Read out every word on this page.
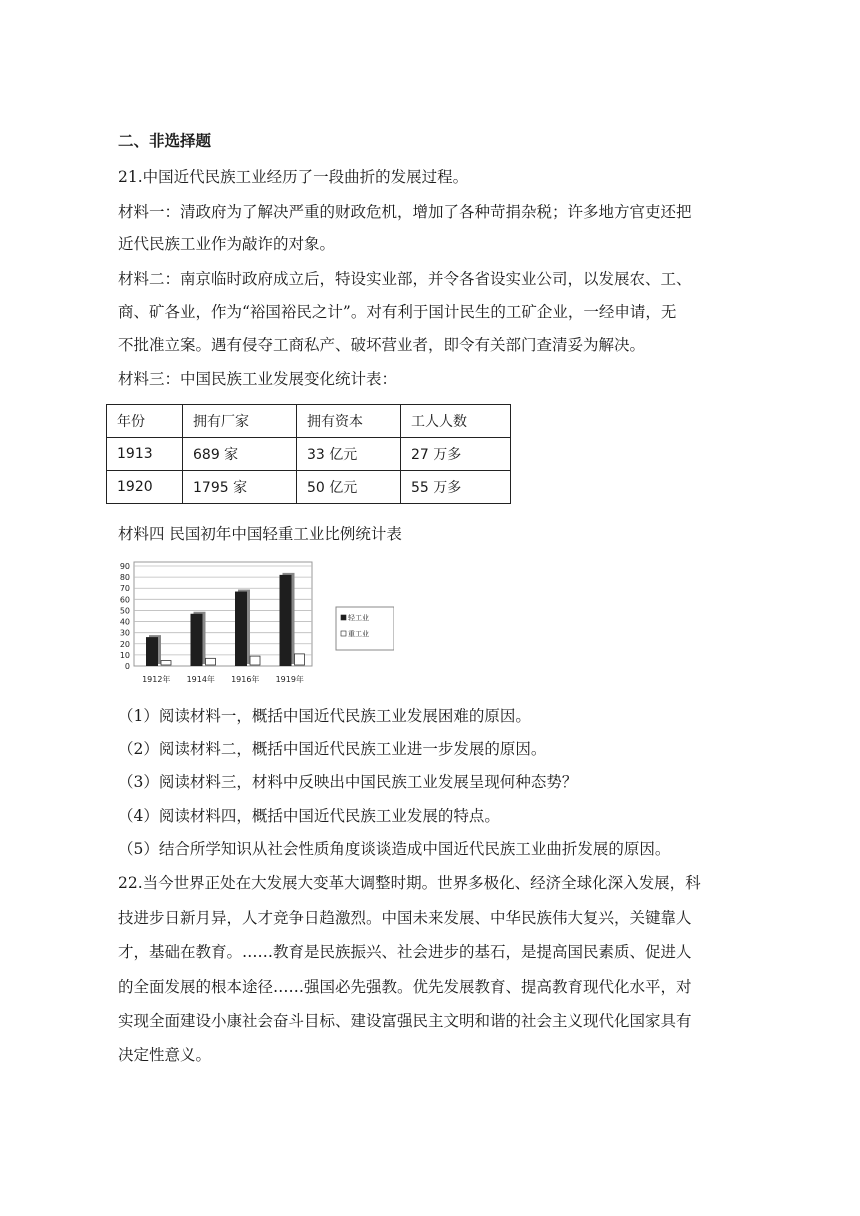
二、非选择题
21.中国近代民族工业经历了一段曲折的发展过程。
材料一：清政府为了解决严重的财政危机，增加了各种苛捐杂税；许多地方官吏还把
近代民族工业作为敲诈的对象。
材料二：南京临时政府成立后，特设实业部，并令各省设实业公司，以发展农、工、
商、矿各业，作为“裕国裕民之计”。对有利于国计民生的工矿企业，一经申请，无
不批准立案。遇有侵夺工商私产、破坏营业者，即令有关部门查清妥为解决。
材料三：中国民族工业发展变化统计表：
年份	拥有厂家	拥有资本	工人人数
1913	689 家	33 亿元	27 万多
1920	1795 家	50 亿元	55 万多
材料四 民国初年中国轻重工业比例统计表
0
10
20
30
40
50
60
70
80
90
1912年 1914年 1916年 1919年
轻工业
重工业
（1）阅读材料一，概括中国近代民族工业发展困难的原因。
（2）阅读材料二，概括中国近代民族工业进一步发展的原因。
（3）阅读材料三，材料中反映出中国民族工业发展呈现何种态势？
（4）阅读材料四，概括中国近代民族工业发展的特点。
（5）结合所学知识从社会性质角度谈谈造成中国近代民族工业曲折发展的原因。
22.当今世界正处在大发展大变革大调整时期。世界多极化、经济全球化深入发展，科
技进步日新月异，人才竞争日趋激烈。中国未来发展、中华民族伟大复兴，关键靠人
才，基础在教育。……教育是民族振兴、社会进步的基石，是提高国民素质、促进人
的全面发展的根本途径……强国必先强教。优先发展教育、提高教育现代化水平，对
实现全面建设小康社会奋斗目标、建设富强民主文明和谐的社会主义现代化国家具有
决定性意义。
